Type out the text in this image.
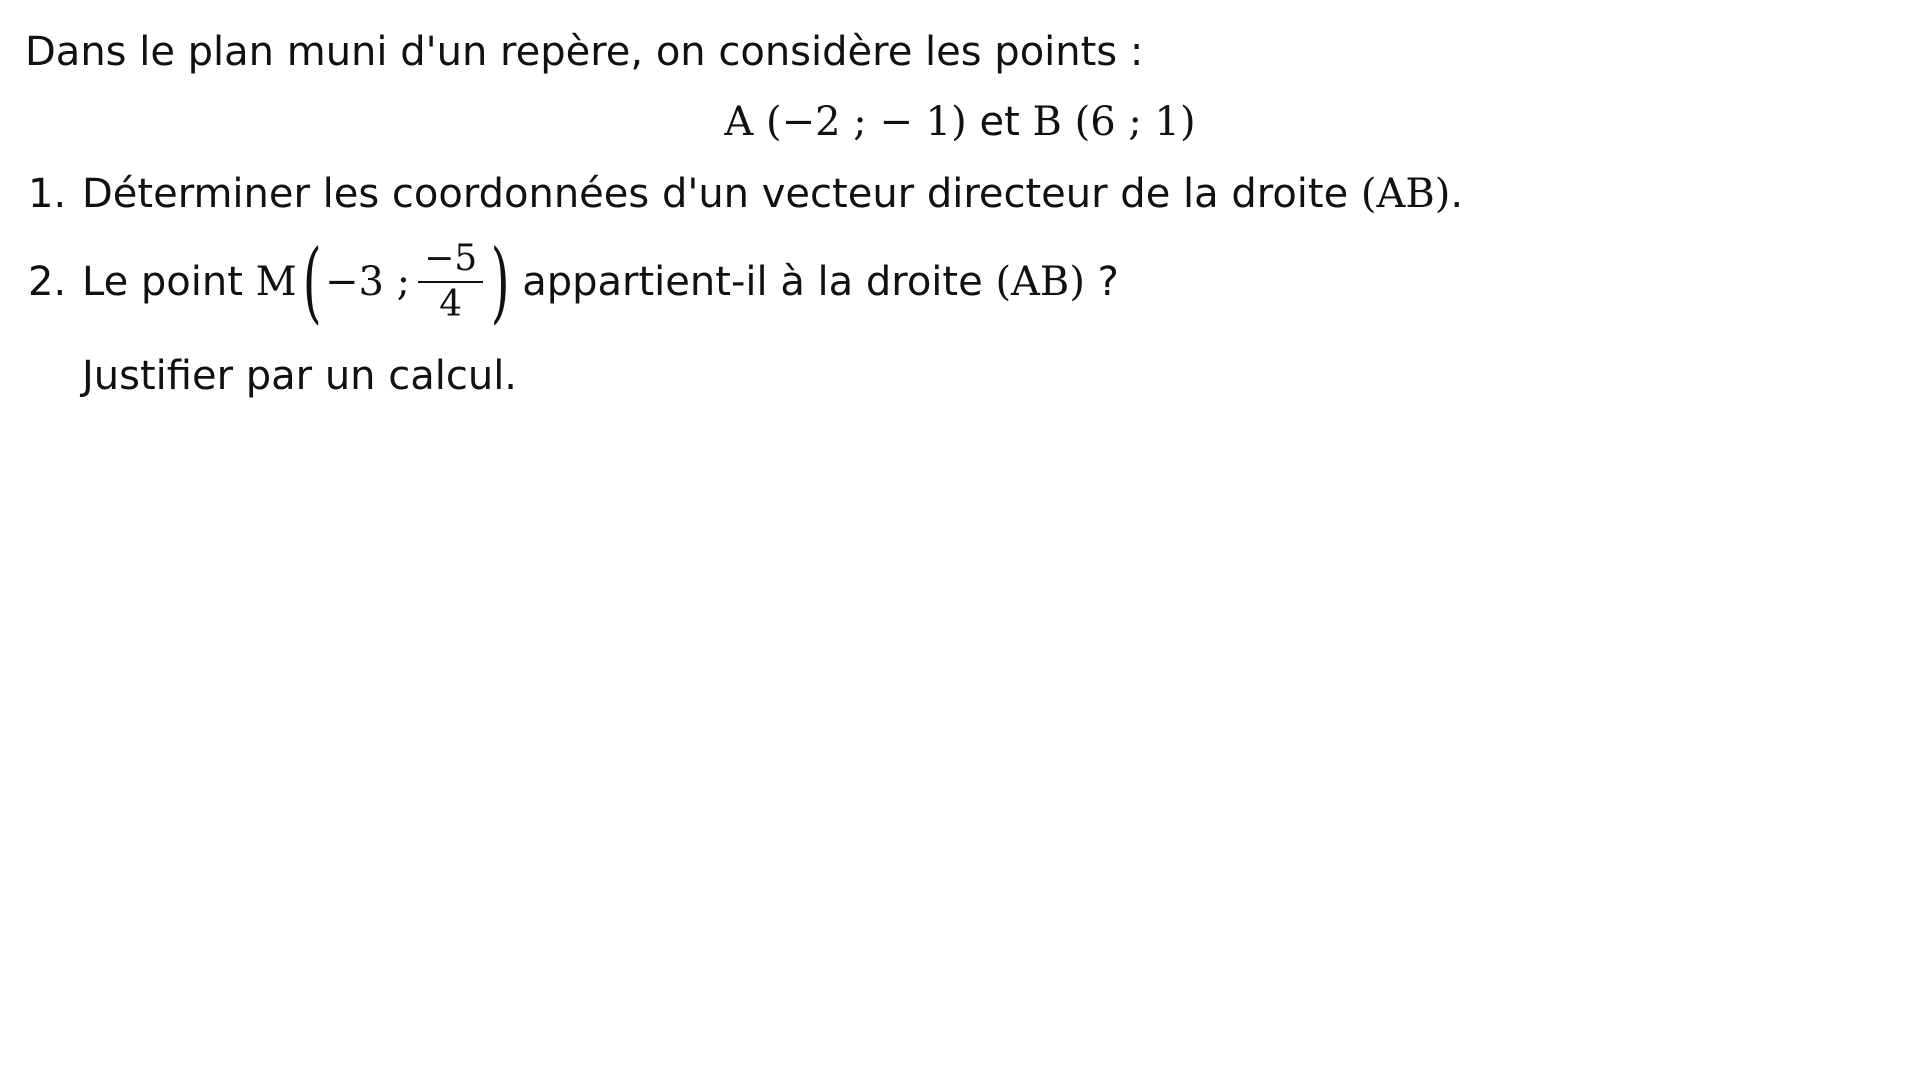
Dans le plan muni d'un repère, on considère les points :
A (−2 ; − 1) et B (6 ; 1)
1. Déterminer les coordonnées d'un vecteur directeur de la droite (AB).
2. Le point M ( −3 ; $\frac{-5}{4}$ ) appartient-il à la droite (AB) ?
Justifier par un calcul.
